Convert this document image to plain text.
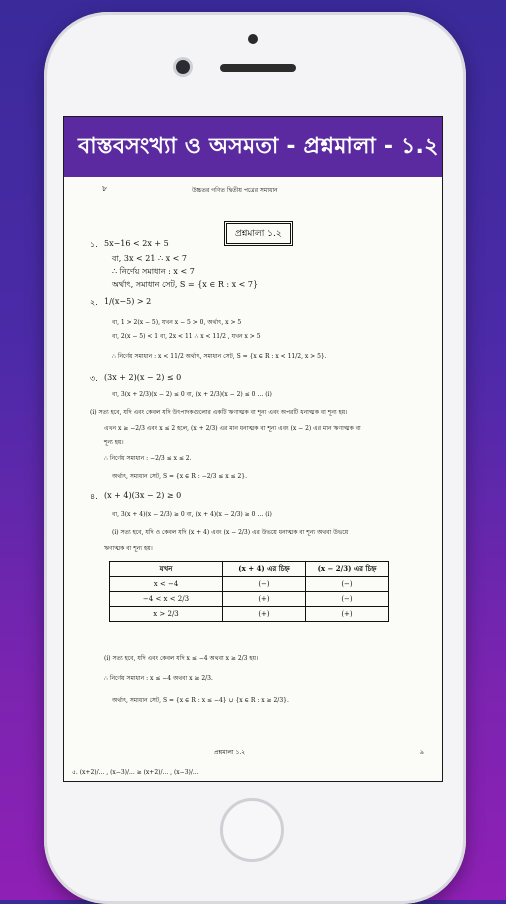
বাস্তবসংখ্যা ও অসমতা - প্রশ্নমালা - ১.২
৮	উচ্চতর গণিত দ্বিতীয় পত্রের সমাধান
প্রশ্নমালা ১.২
১. 5x−16 < 2x + 5
বা, 3x < 21 ∴ x < 7
∴ নির্ণেয় সমাধান : x < 7
অর্থাৎ, সমাধান সেট, S = {x ∈ R : x < 7}
২. 1/(x−5) > 2
বা, 1 > 2(x − 5), যখন x − 5 > 0, অর্থাৎ, x > 5
বা, 2(x − 5) < 1 বা, 2x < 11 ∴ x < 11/2 , যখন x > 5
∴ নির্ণেয় সমাধান : x < 11/2 অর্থাৎ, সমাধান সেট, S = {x ∈ R : x < 11/2, x > 5}.
৩. (3x + 2)(x − 2) ≤ 0
বা, 3(x + 2/3)(x − 2) ≤ 0 বা, (x + 2/3)(x − 2) ≤ 0 … (i)
(i) সত্য হবে, যদি এবং কেবল যদি উৎপাদকগুলোর একটি ঋণাত্মক বা শূন্য এবং অপরটি ধনাত্মক বা শূন্য হয়।
এখন x ≥ −2/3 এবং x ≤ 2 হলে, (x + 2/3) এর মান ধনাত্মক বা শূন্য এবং (x − 2) এর মান ঋণাত্মক বা
শূন্য হয়।
∴ নির্ণেয় সমাধান : −2/3 ≤ x ≤ 2.
অর্থাৎ, সমাধান সেট, S = {x ∈ R : −2/3 ≤ x ≤ 2}.
৪. (x + 4)(3x − 2) ≥ 0
বা, 3(x + 4)(x − 2/3) ≥ 0 বা, (x + 4)(x − 2/3) ≥ 0 … (i)
(i) সত্য হবে, যদি ও কেবল যদি (x + 4) এবং (x − 2/3) এর উভয়ে ধনাত্মক বা শূন্য অথবা উভয়ে
ঋণাত্মক বা শূন্য হয়।
যখন	(x + 4) এর চিহ্ন	(x − 2/3) এর চিহ্ন
x < −4	(−)	(−)
−4 < x < 2/3	(+)	(−)
x > 2/3	(+)	(+)
(i) সত্য হবে, যদি এবং কেবল যদি x ≤ −4 অথবা x ≥ 2/3 হয়।
∴ নির্ণেয় সমাধান : x ≤ −4 অথবা x ≥ 2/3.
অর্থাৎ, সমাধান সেট, S = {x ∈ R : x ≤ −4} ∪ {x ∈ R : x ≥ 2/3}.
প্রশ্নমালা ১.২	৯
৫. (x+2)/... , (x−3)/... ≥ (x+2)/... , (x−3)/...
